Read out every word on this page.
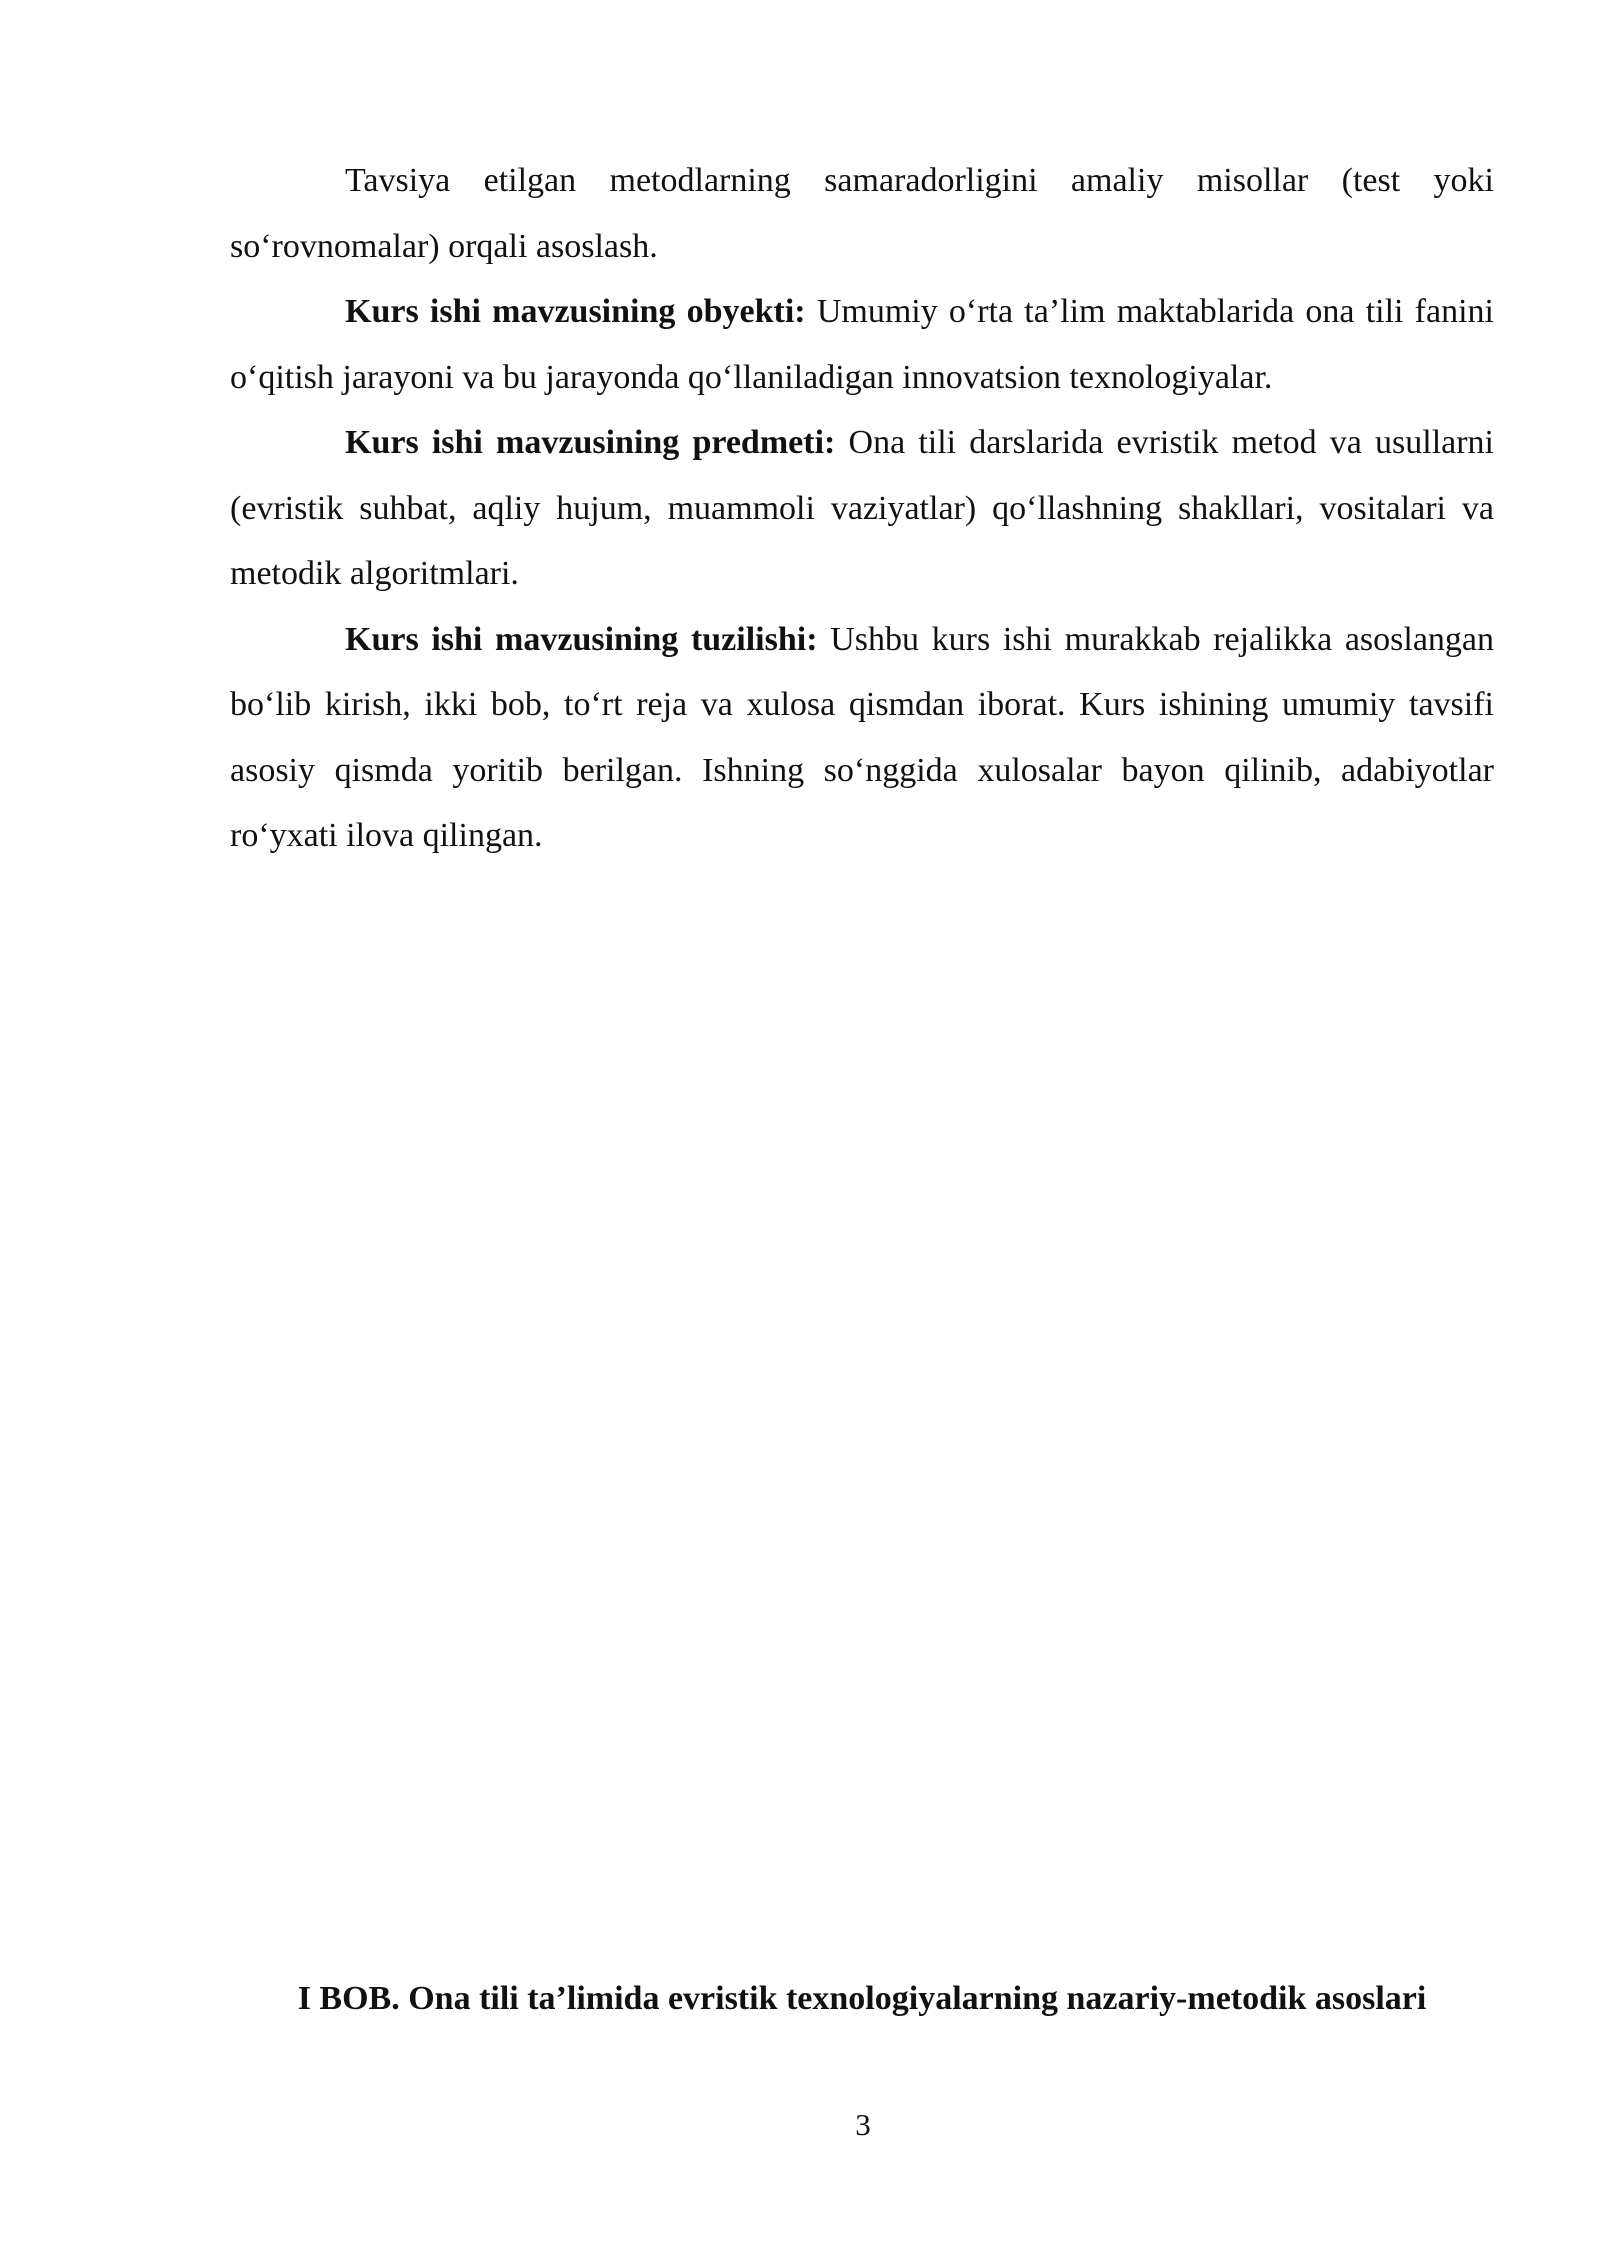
Tavsiya etilgan metodlarning samaradorligini amaliy misollar (test yoki so‘rovnomalar) orqali asoslash.

Kurs ishi mavzusining obyekti: Umumiy o‘rta ta’lim maktablarida ona tili fanini o‘qitish jarayoni va bu jarayonda qo‘llaniladigan innovatsion texnologiyalar.

Kurs ishi mavzusining predmeti: Ona tili darslarida evristik metod va usullarni (evristik suhbat, aqliy hujum, muammoli vaziyatlar) qo‘llashning shakllari, vositalari va metodik algoritmlari.

Kurs ishi mavzusining tuzilishi: Ushbu kurs ishi murakkab rejalikka asoslangan bo‘lib kirish, ikki bob, to‘rt reja va xulosa qismdan iborat. Kurs ishining umumiy tavsifi asosiy qismda yoritib berilgan. Ishning so‘nggida xulosalar bayon qilinib, adabiyotlar ro‘yxati ilova qilingan.

I BOB. Ona tili ta’limida evristik texnologiyalarning nazariy-metodik asoslari
3
